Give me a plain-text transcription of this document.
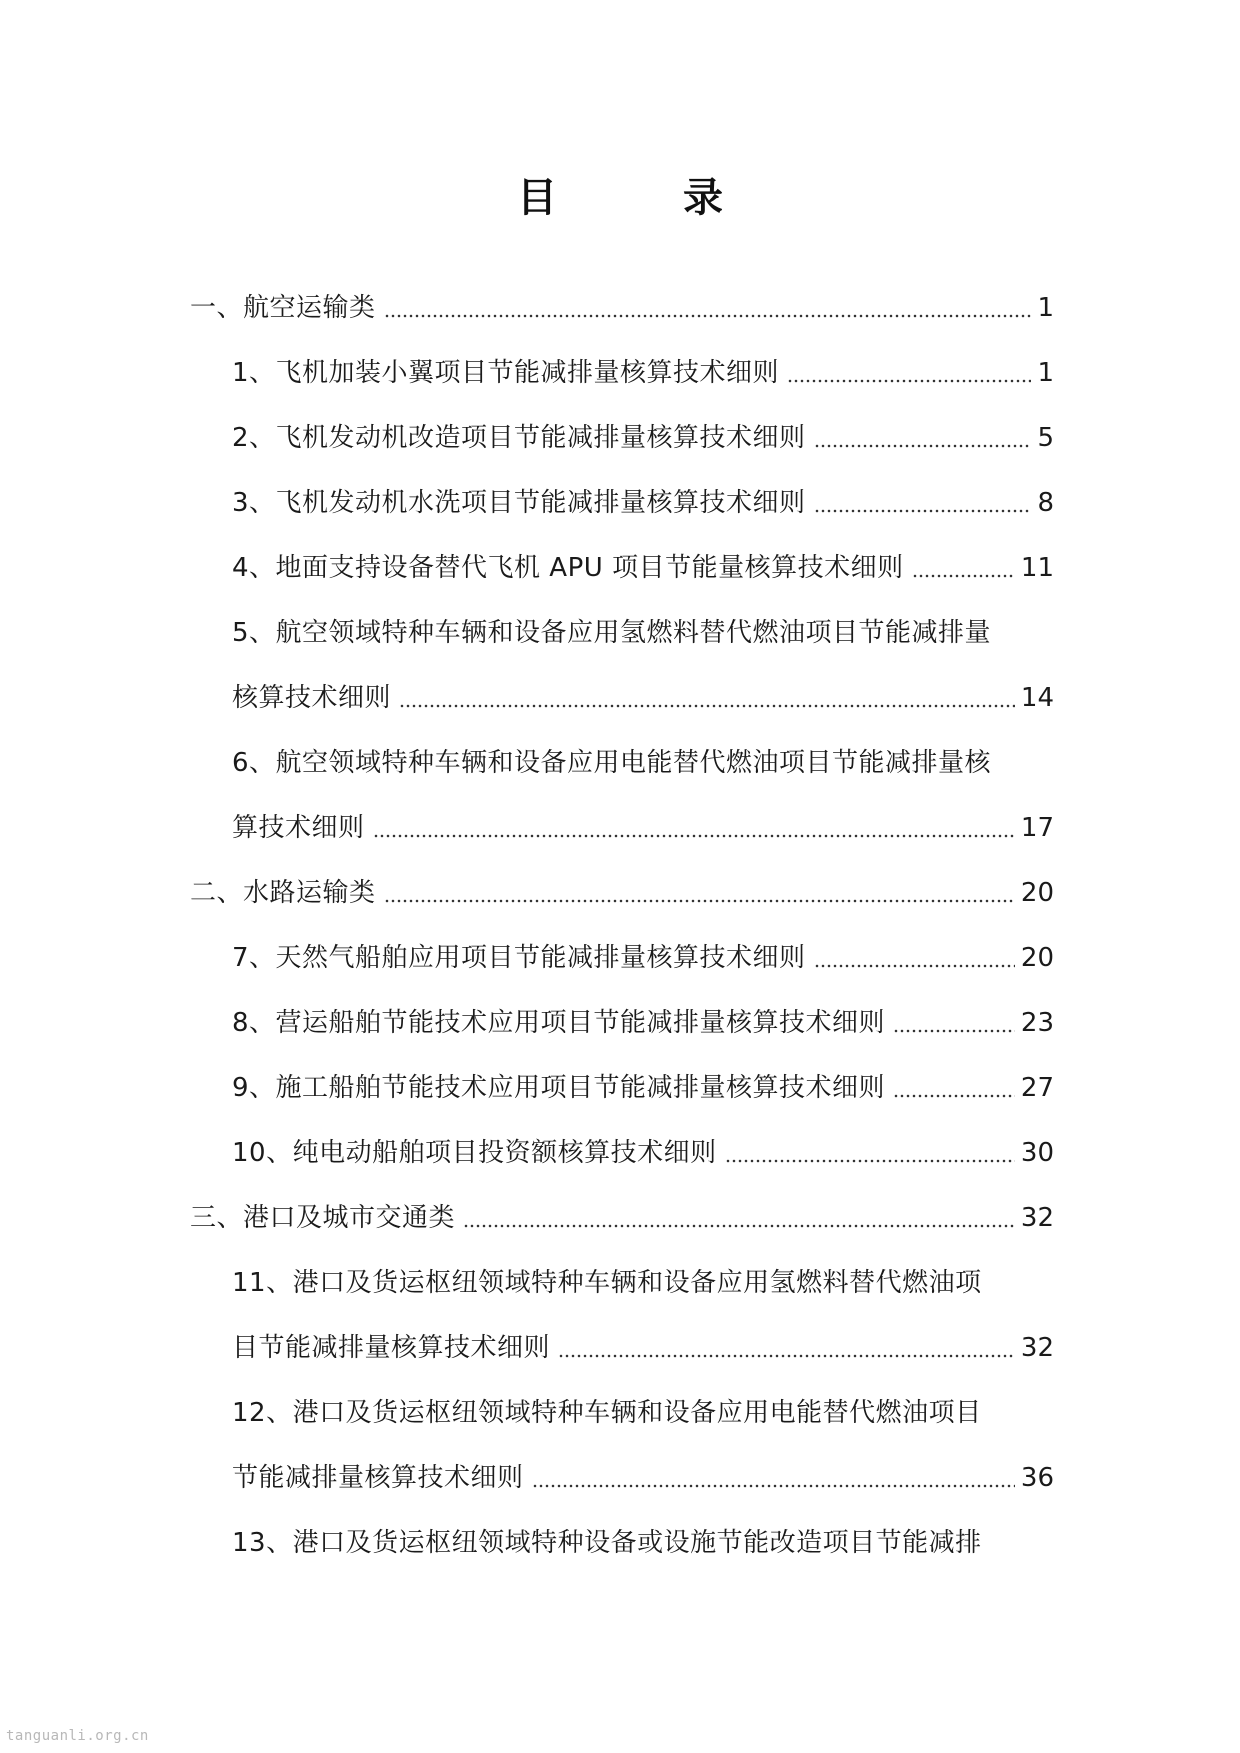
目 录
一、航空运输类	1
1、飞机加装小翼项目节能减排量核算技术细则	1
2、飞机发动机改造项目节能减排量核算技术细则	5
3、飞机发动机水洗项目节能减排量核算技术细则	8
4、地面支持设备替代飞机 APU 项目节能量核算技术细则	11
5、航空领域特种车辆和设备应用氢燃料替代燃油项目节能减排量
核算技术细则	14
6、航空领域特种车辆和设备应用电能替代燃油项目节能减排量核
算技术细则	17
二、水路运输类	20
7、天然气船舶应用项目节能减排量核算技术细则	20
8、营运船舶节能技术应用项目节能减排量核算技术细则	23
9、施工船舶节能技术应用项目节能减排量核算技术细则	27
10、纯电动船舶项目投资额核算技术细则	30
三、港口及城市交通类	32
11、港口及货运枢纽领域特种车辆和设备应用氢燃料替代燃油项
目节能减排量核算技术细则	32
12、港口及货运枢纽领域特种车辆和设备应用电能替代燃油项目
节能减排量核算技术细则	36
13、港口及货运枢纽领域特种设备或设施节能改造项目节能减排
tanguanli.org.cn
